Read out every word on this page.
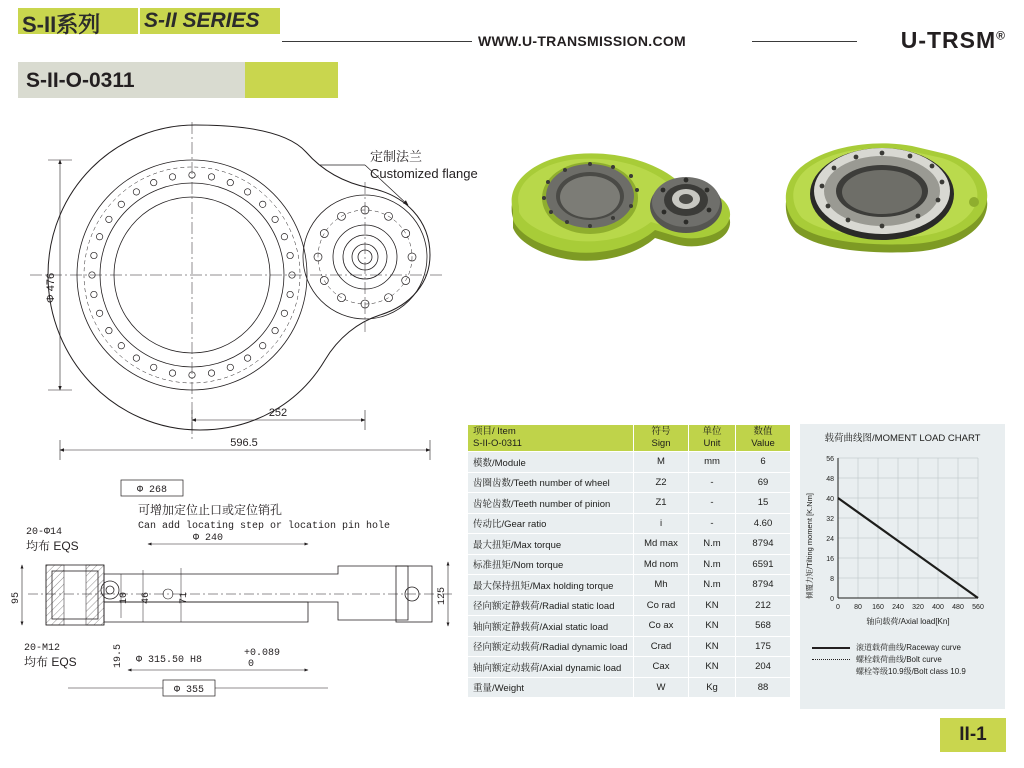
S-II系列 S-II SERIES
WWW.U-TRANSMISSION.COM	U-TRSM®
S-II-O-0311
Φ 476
252
596.5
定制法兰
Customized flange
Φ 268
可增加定位止口或定位销孔
Can add locating step or location pin hole
Φ 240
20-Φ14
均布 EQS
95	125
10 46	71
19.5
20-M12
均布 EQS	Φ 315.50 H8
+0.089
0
Φ 355
项目/ Item
S-II-O-0311

符号
Sign

单位
Unit

数值
Value

模数/Module	M	mm	6
齿圈齿数/Teeth number of wheel	Z2	-	69
齿轮齿数/Teeth number of pinion	Z1	-	15
传动比/Gear ratio	i	-	4.60
最大扭矩/Max torque	Md max	N.m	8794
标准扭矩/Nom torque	Md nom	N.m	6591
最大保持扭矩/Max holding torque	Mh	N.m	8794
径向额定静载荷/Radial static load	Co rad	KN	212
轴向额定静载荷/Axial static load	Co ax	KN	568
径向额定动载荷/Radial dynamic load	Crad	KN	175
轴向额定动载荷/Axial dynamic load	Cax	KN	204
重量/Weight	W	Kg	88
载荷曲线图/MOMENT LOAD CHART
倾覆力矩/Tilting moment [K.Nm]
56
48
40
32
24
16
8
0
0 80 160 240 320 400 480 560
轴向载荷/Axial load[Kn]
滚道载荷曲线/Raceway curve
螺栓载荷曲线/Bolt curve
螺栓等级10.9级/Bolt class 10.9
II-1
